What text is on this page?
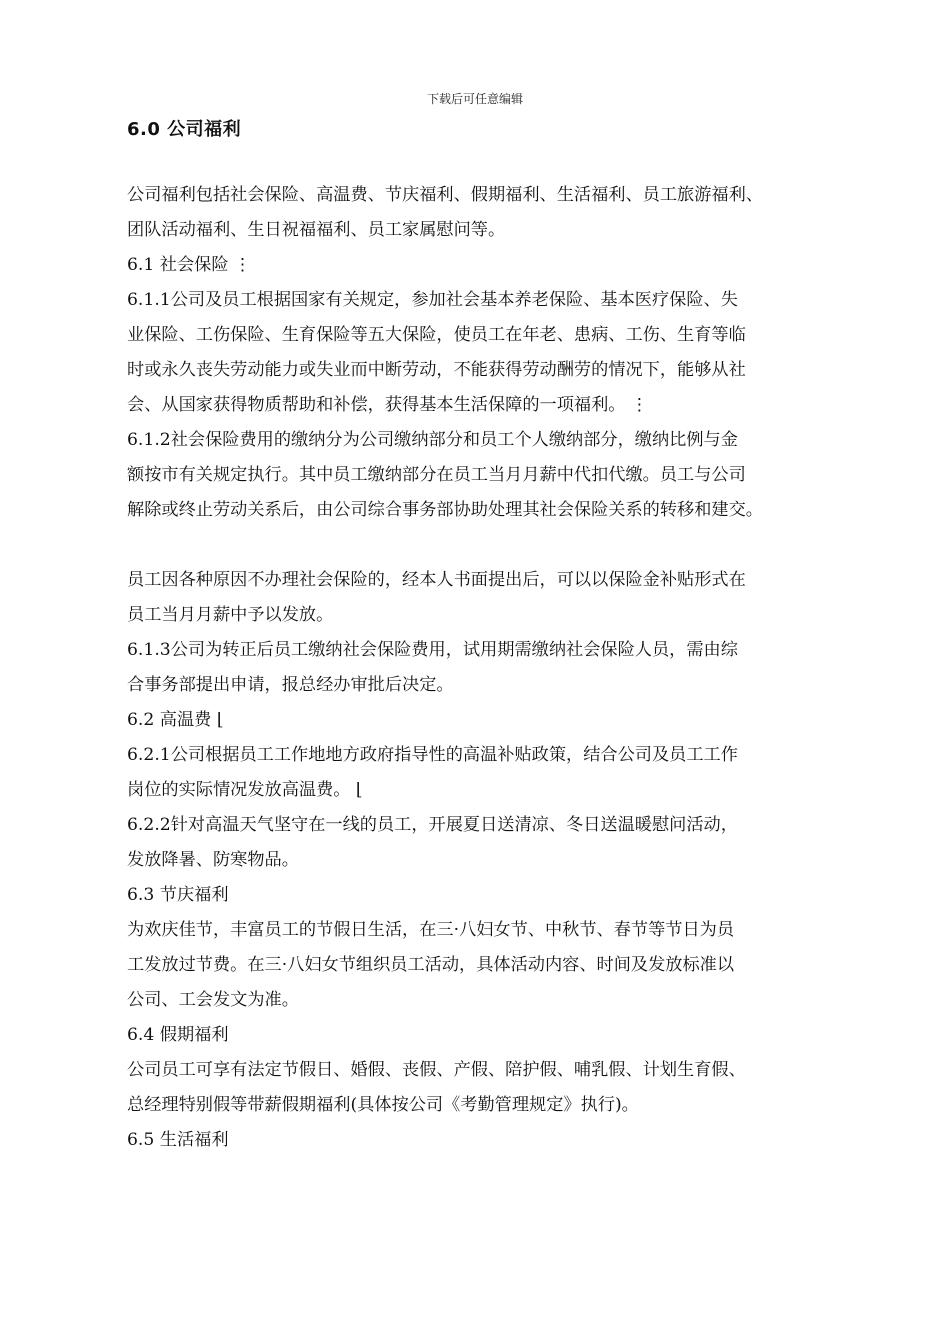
下载后可任意编辑
6.0 公司福利
公司福利包括社会保险、高温费、节庆福利、假期福利、生活福利、员工旅游福利、
团队活动福利、生日祝福福利、员工家属慰问等。
6.1 社会保险 ⋮
6.1.1公司及员工根据国家有关规定，参加社会基本养老保险、基本医疗保险、失
业保险、工伤保险、生育保险等五大保险，使员工在年老、患病、工伤、生育等临
时或永久丧失劳动能力或失业而中断劳动，不能获得劳动酬劳的情况下，能够从社
会、从国家获得物质帮助和补偿，获得基本生活保障的一项福利。 ⋮
6.1.2社会保险费用的缴纳分为公司缴纳部分和员工个人缴纳部分，缴纳比例与金
额按市有关规定执行。其中员工缴纳部分在员工当月月薪中代扣代缴。员工与公司
解除或终止劳动关系后，由公司综合事务部协助处理其社会保险关系的转移和建交。
员工因各种原因不办理社会保险的，经本人书面提出后，可以以保险金补贴形式在
员工当月月薪中予以发放。
6.1.3公司为转正后员工缴纳社会保险费用，试用期需缴纳社会保险人员，需由综
合事务部提出申请，报总经办审批后决定。
6.2 高温费 ⌊
6.2.1公司根据员工工作地地方政府指导性的高温补贴政策，结合公司及员工工作
岗位的实际情况发放高温费。 ⌊
6.2.2针对高温天气坚守在一线的员工，开展夏日送清凉、冬日送温暖慰问活动，
发放降暑、防寒物品。
6.3 节庆福利
为欢庆佳节，丰富员工的节假日生活，在三·八妇女节、中秋节、春节等节日为员
工发放过节费。在三·八妇女节组织员工活动，具体活动内容、时间及发放标准以
公司、工会发文为准。
6.4 假期福利
公司员工可享有法定节假日、婚假、丧假、产假、陪护假、哺乳假、计划生育假、
总经理特别假等带薪假期福利(具体按公司《考勤管理规定》执行)。
6.5 生活福利
